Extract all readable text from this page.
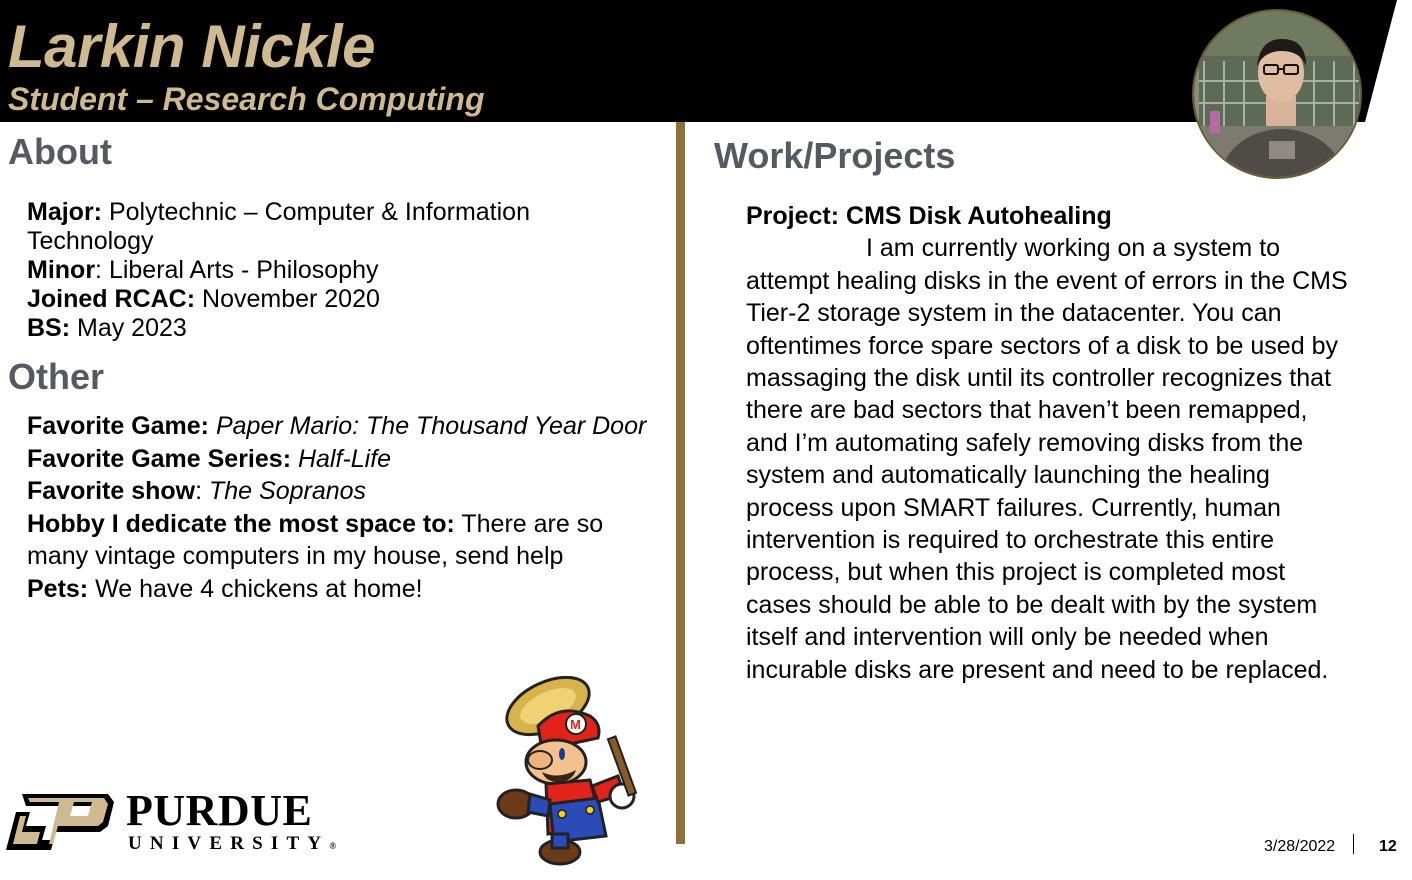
Larkin Nickle
Student – Research Computing
About

Major: Polytechnic – Computer & Information Technology

Minor: Liberal Arts - Philosophy

Joined RCAC: November 2020

BS: May 2023

Other

Favorite Game: Paper Mario: The Thousand Year Door

Favorite Game Series: Half-Life

Favorite show: The Sopranos

Hobby I dedicate the most space to: There are so many vintage computers in my house, send help

Pets: We have 4 chickens at home!

Work/Projects

Project: CMS Disk Autohealing

I am currently working on a system to attempt healing disks in the event of errors in the CMS Tier-2 storage system in the datacenter. You can oftentimes force spare sectors of a disk to be used by massaging the disk until its controller recognizes that there are bad sectors that haven’t been remapped, and I’m automating safely removing disks from the system and automatically launching the healing process upon SMART failures. Currently, human intervention is required to orchestrate this entire process, but when this project is completed most cases should be able to be dealt with by the system itself and intervention will only be needed when incurable disks are present and need to be replaced.

PURDUE
UNIVERSITY®
M
3/28/2022	12
